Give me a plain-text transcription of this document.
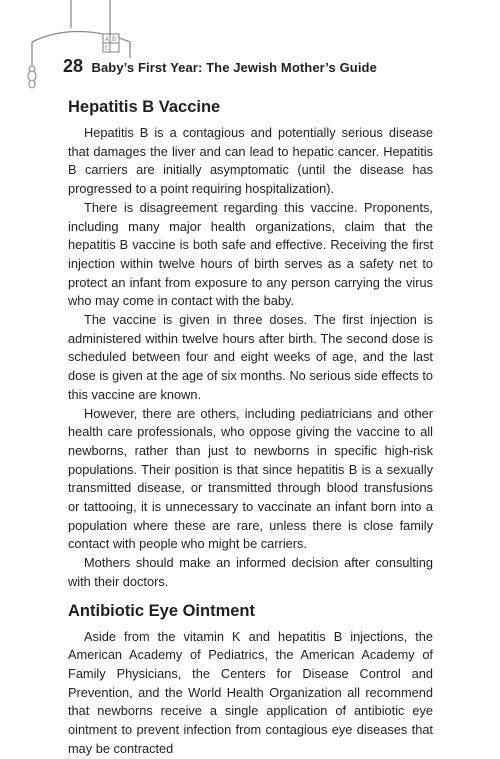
A B
C
28 Baby’s First Year: The Jewish Mother’s Guide
Hepatitis B Vaccine

Hepatitis B is a contagious and potentially serious disease that damages the liver and can lead to hepatic cancer. Hepatitis B carriers are initially asymptomatic (until the disease has progressed to a point requiring hospitalization).

There is disagreement regarding this vaccine. Proponents, including many major health organizations, claim that the hepatitis B vaccine is both safe and effective. Receiving the first injection within twelve hours of birth serves as a safety net to protect an infant from exposure to any person carrying the virus who may come in contact with the baby.

The vaccine is given in three doses. The first injection is administered within twelve hours after birth. The second dose is scheduled between four and eight weeks of age, and the last dose is given at the age of six months. No serious side effects to this vaccine are known.

However, there are others, including pediatricians and other health care professionals, who oppose giving the vaccine to all newborns, rather than just to newborns in specific high-risk populations. Their position is that since hepatitis B is a sexually transmitted disease, or transmitted through blood transfusions or tattooing, it is unnecessary to vaccinate an infant born into a population where these are rare, unless there is close family contact with people who might be carriers.

Mothers should make an informed decision after consulting with their doctors.

Antibiotic Eye Ointment

Aside from the vitamin K and hepatitis B injections, the American Academy of Pediatrics, the American Academy of Family Physicians, the Centers for Disease Control and Prevention, and the World Health Organization all recommend that newborns receive a single application of antibiotic eye ointment to prevent infection from contagious eye diseases that may be contracted
